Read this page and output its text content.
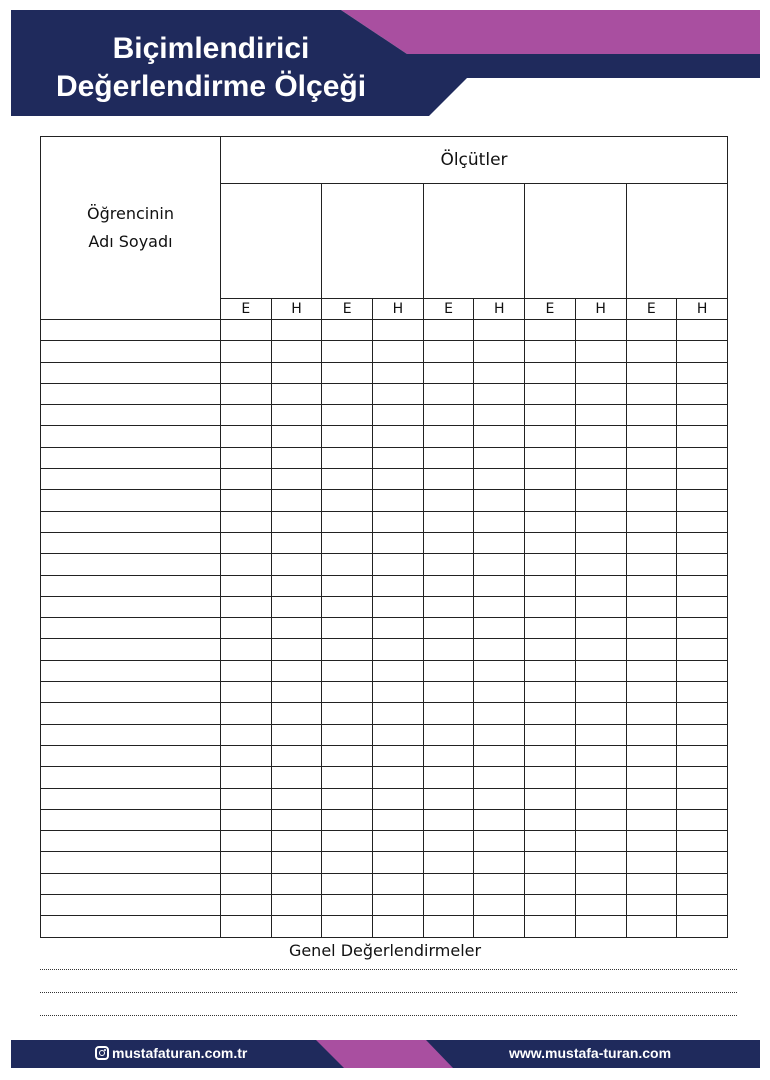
Biçimlendirici
Değerlendirme Ölçeği
Öğrencinin
Adı Soyadı	Ölçütler									

	E	H	E	H	E	H	E	H	E	H

Genel Değerlendirmeler
mustafaturan.com.tr	www.mustafa-turan.com
